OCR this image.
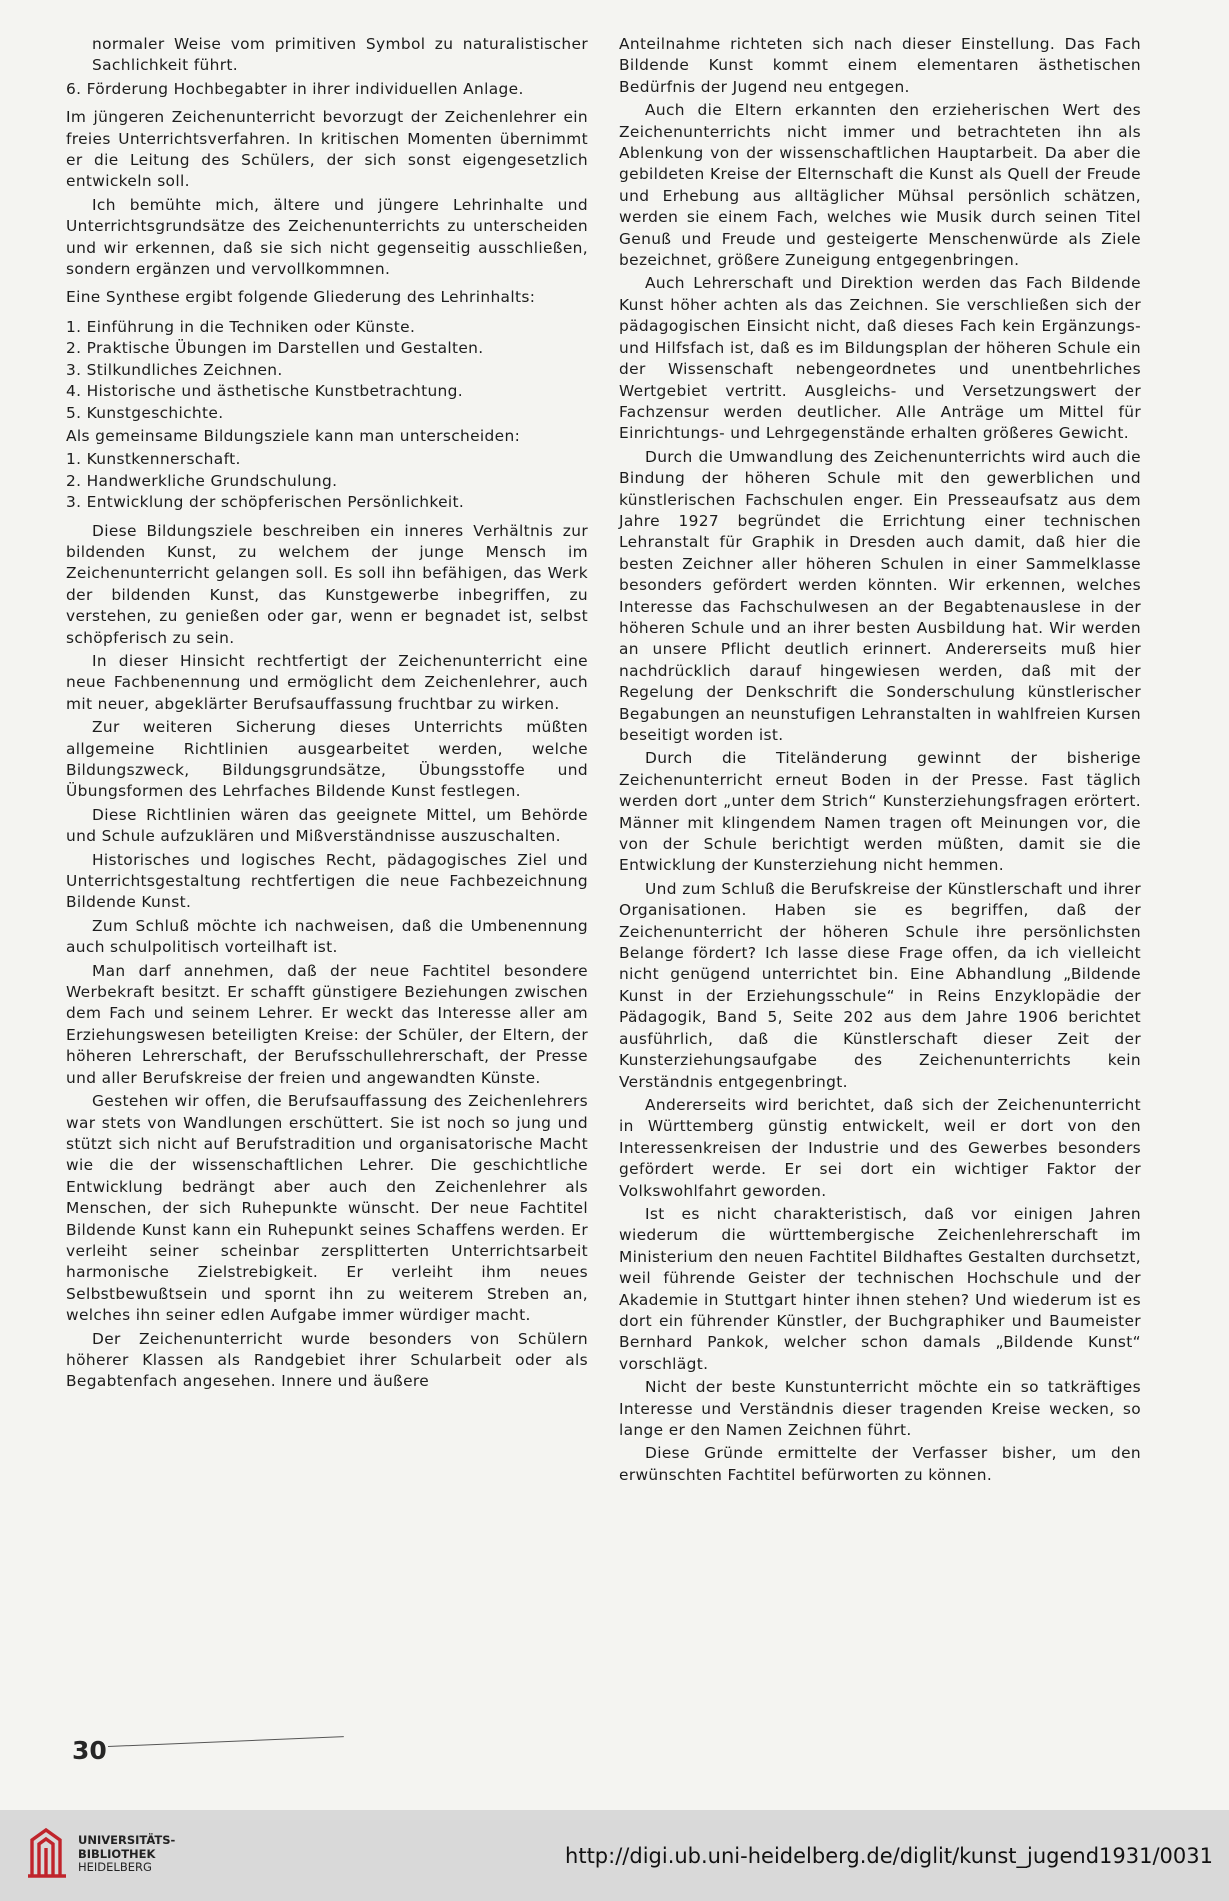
normaler Weise vom primitiven Symbol zu naturalistischer Sachlichkeit führt.

6. Förderung Hochbegabter in ihrer individuellen Anlage.

Im jüngeren Zeichenunterricht bevorzugt der Zeichenlehrer ein freies Unterrichtsverfahren. In kritischen Momenten übernimmt er die Leitung des Schülers, der sich sonst eigengesetzlich entwickeln soll.

Ich bemühte mich, ältere und jüngere Lehrinhalte und Unterrichtsgrundsätze des Zeichenunterrichts zu unterscheiden und wir erkennen, daß sie sich nicht gegenseitig ausschließen, sondern ergänzen und vervollkommnen.

Eine Synthese ergibt folgende Gliederung des Lehrinhalts:

1. Einführung in die Techniken oder Künste.
2. Praktische Übungen im Darstellen und Gestalten.
3. Stilkundliches Zeichnen.
4. Historische und ästhetische Kunstbetrachtung.
5. Kunstgeschichte.

Als gemeinsame Bildungsziele kann man unterscheiden:

1. Kunstkennerschaft.
2. Handwerkliche Grundschulung.
3. Entwicklung der schöpferischen Persönlichkeit.

Diese Bildungsziele beschreiben ein inneres Verhältnis zur bildenden Kunst, zu welchem der junge Mensch im Zeichenunterricht gelangen soll. Es soll ihn befähigen, das Werk der bildenden Kunst, das Kunstgewerbe inbegriffen, zu verstehen, zu genießen oder gar, wenn er begnadet ist, selbst schöpferisch zu sein.

In dieser Hinsicht rechtfertigt der Zeichenunterricht eine neue Fachbenennung und ermöglicht dem Zeichenlehrer, auch mit neuer, abgeklärter Berufsauffassung fruchtbar zu wirken.

Zur weiteren Sicherung dieses Unterrichts müßten allgemeine Richtlinien ausgearbeitet werden, welche Bildungszweck, Bildungsgrundsätze, Übungsstoffe und Übungsformen des Lehrfaches Bildende Kunst festlegen.

Diese Richtlinien wären das geeignete Mittel, um Behörde und Schule aufzuklären und Mißverständnisse auszuschalten.

Historisches und logisches Recht, pädagogisches Ziel und Unterrichtsgestaltung rechtfertigen die neue Fachbezeichnung Bildende Kunst.

Zum Schluß möchte ich nachweisen, daß die Umbenennung auch schulpolitisch vorteilhaft ist.

Man darf annehmen, daß der neue Fachtitel besondere Werbekraft besitzt. Er schafft günstigere Beziehungen zwischen dem Fach und seinem Lehrer. Er weckt das Interesse aller am Erziehungswesen beteiligten Kreise: der Schüler, der Eltern, der höheren Lehrerschaft, der Berufsschullehrerschaft, der Presse und aller Berufskreise der freien und angewandten Künste.

Gestehen wir offen, die Berufsauffassung des Zeichenlehrers war stets von Wandlungen erschüttert. Sie ist noch so jung und stützt sich nicht auf Berufstradition und organisatorische Macht wie die der wissenschaftlichen Lehrer. Die geschichtliche Entwicklung bedrängt aber auch den Zeichenlehrer als Menschen, der sich Ruhepunkte wünscht. Der neue Fachtitel Bildende Kunst kann ein Ruhepunkt seines Schaffens werden. Er verleiht seiner scheinbar zersplitterten Unterrichtsarbeit harmonische Zielstrebigkeit. Er verleiht ihm neues Selbstbewußtsein und spornt ihn zu weiterem Streben an, welches ihn seiner edlen Aufgabe immer würdiger macht.

Der Zeichenunterricht wurde besonders von Schülern höherer Klassen als Randgebiet ihrer Schularbeit oder als Begabtenfach angesehen. Innere und äußere

Anteilnahme richteten sich nach dieser Einstellung. Das Fach Bildende Kunst kommt einem elementaren ästhetischen Bedürfnis der Jugend neu entgegen.

Auch die Eltern erkannten den erzieherischen Wert des Zeichenunterrichts nicht immer und betrachteten ihn als Ablenkung von der wissenschaftlichen Hauptarbeit. Da aber die gebildeten Kreise der Elternschaft die Kunst als Quell der Freude und Erhebung aus alltäglicher Mühsal persönlich schätzen, werden sie einem Fach, welches wie Musik durch seinen Titel Genuß und Freude und gesteigerte Menschenwürde als Ziele bezeichnet, größere Zuneigung entgegenbringen.

Auch Lehrerschaft und Direktion werden das Fach Bildende Kunst höher achten als das Zeichnen. Sie verschließen sich der pädagogischen Einsicht nicht, daß dieses Fach kein Ergänzungs- und Hilfsfach ist, daß es im Bildungsplan der höheren Schule ein der Wissenschaft nebengeordnetes und unentbehrliches Wertgebiet vertritt. Ausgleichs- und Versetzungswert der Fachzensur werden deutlicher. Alle Anträge um Mittel für Einrichtungs- und Lehrgegenstände erhalten größeres Gewicht.

Durch die Umwandlung des Zeichenunterrichts wird auch die Bindung der höheren Schule mit den gewerblichen und künstlerischen Fachschulen enger. Ein Presseaufsatz aus dem Jahre 1927 begründet die Errichtung einer technischen Lehranstalt für Graphik in Dresden auch damit, daß hier die besten Zeichner aller höheren Schulen in einer Sammelklasse besonders gefördert werden könnten. Wir erkennen, welches Interesse das Fachschulwesen an der Begabtenauslese in der höheren Schule und an ihrer besten Ausbildung hat. Wir werden an unsere Pflicht deutlich erinnert. Andererseits muß hier nachdrücklich darauf hingewiesen werden, daß mit der Regelung der Denkschrift die Sonderschulung künstlerischer Begabungen an neunstufigen Lehranstalten in wahlfreien Kursen beseitigt worden ist.

Durch die Titeländerung gewinnt der bisherige Zeichenunterricht erneut Boden in der Presse. Fast täglich werden dort „unter dem Strich“ Kunsterziehungsfragen erörtert. Männer mit klingendem Namen tragen oft Meinungen vor, die von der Schule berichtigt werden müßten, damit sie die Entwicklung der Kunsterziehung nicht hemmen.

Und zum Schluß die Berufskreise der Künstlerschaft und ihrer Organisationen. Haben sie es begriffen, daß der Zeichenunterricht der höheren Schule ihre persönlichsten Belange fördert? Ich lasse diese Frage offen, da ich vielleicht nicht genügend unterrichtet bin. Eine Abhandlung „Bildende Kunst in der Erziehungsschule“ in Reins Enzyklopädie der Pädagogik, Band 5, Seite 202 aus dem Jahre 1906 berichtet ausführlich, daß die Künstlerschaft dieser Zeit der Kunsterziehungsaufgabe des Zeichenunterrichts kein Verständnis entgegenbringt.

Andererseits wird berichtet, daß sich der Zeichenunterricht in Württemberg günstig entwickelt, weil er dort von den Interessenkreisen der Industrie und des Gewerbes besonders gefördert werde. Er sei dort ein wichtiger Faktor der Volkswohlfahrt geworden.

Ist es nicht charakteristisch, daß vor einigen Jahren wiederum die württembergische Zeichenlehrerschaft im Ministerium den neuen Fachtitel Bildhaftes Gestalten durchsetzt, weil führende Geister der technischen Hochschule und der Akademie in Stuttgart hinter ihnen stehen? Und wiederum ist es dort ein führender Künstler, der Buchgraphiker und Baumeister Bernhard Pankok, welcher schon damals „Bildende Kunst“ vorschlägt.

Nicht der beste Kunstunterricht möchte ein so tatkräftiges Interesse und Verständnis dieser tragenden Kreise wecken, so lange er den Namen Zeichnen führt.

Diese Gründe ermittelte der Verfasser bisher, um den erwünschten Fachtitel befürworten zu können.

30
UNIVERSITÄTS-
BIBLIOTHEK
HEIDELBERG	http://digi.ub.uni-heidelberg.de/diglit/kunst_jugend1931/0031
